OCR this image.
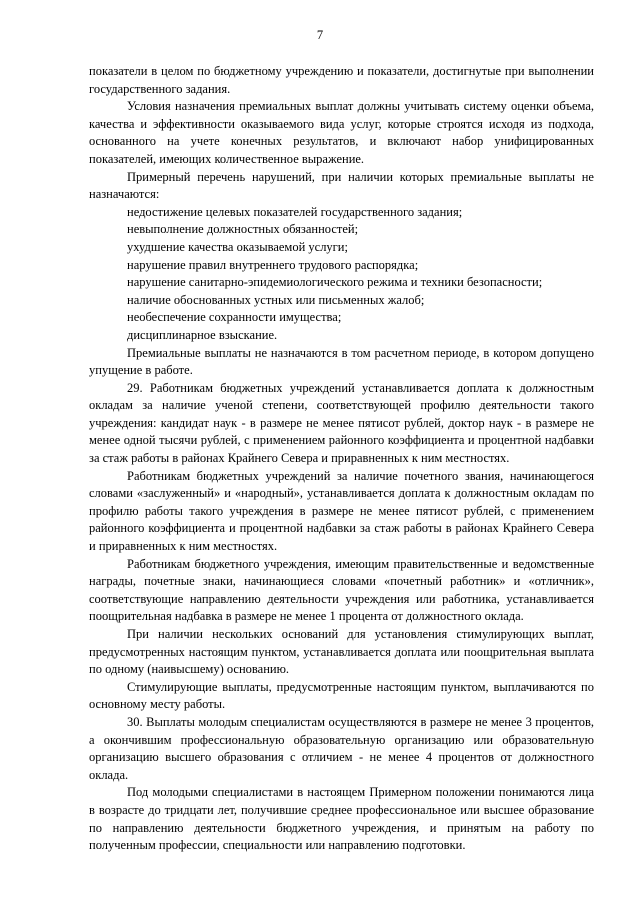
7

показатели в целом по бюджетному учреждению и показатели, достигнутые при выполнении государственного задания.

Условия назначения премиальных выплат должны учитывать систему оценки объема, качества и эффективности оказываемого вида услуг, которые строятся исходя из подхода, основанного на учете конечных результатов, и включают набор унифицированных показателей, имеющих количественное выражение.

Примерный перечень нарушений, при наличии которых премиальные выплаты не назначаются:

недостижение целевых показателей государственного задания;

невыполнение должностных обязанностей;

ухудшение качества оказываемой услуги;

нарушение правил внутреннего трудового распорядка;

нарушение санитарно-эпидемиологического режима и техники безопасности;

наличие обоснованных устных или письменных жалоб;

необеспечение сохранности имущества;

дисциплинарное взыскание.

Премиальные выплаты не назначаются в том расчетном периоде, в котором допущено упущение в работе.

29. Работникам бюджетных учреждений устанавливается доплата к должностным окладам за наличие ученой степени, соответствующей профилю деятельности такого учреждения: кандидат наук - в размере не менее пятисот рублей, доктор наук - в размере не менее одной тысячи рублей, с применением районного коэффициента и процентной надбавки за стаж работы в районах Крайнего Севера и приравненных к ним местностях.

Работникам бюджетных учреждений за наличие почетного звания, начинающегося словами «заслуженный» и «народный», устанавливается доплата к должностным окладам по профилю работы такого учреждения в размере не менее пятисот рублей, с применением районного коэффициента и процентной надбавки за стаж работы в районах Крайнего Севера и приравненных к ним местностях.

Работникам бюджетного учреждения, имеющим правительственные и ведомственные награды, почетные знаки, начинающиеся словами «почетный работник» и «отличник», соответствующие направлению деятельности учреждения или работника, устанавливается поощрительная надбавка в размере не менее 1 процента от должностного оклада.

При наличии нескольких оснований для установления стимулирующих выплат, предусмотренных настоящим пунктом, устанавливается доплата или поощрительная выплата по одному (наивысшему) основанию.

Стимулирующие выплаты, предусмотренные настоящим пунктом, выплачиваются по основному месту работы.

30. Выплаты молодым специалистам осуществляются в размере не менее 3 процентов, а окончившим профессиональную образовательную организацию или образовательную организацию высшего образования с отличием - не менее 4 процентов от должностного оклада.

Под молодыми специалистами в настоящем Примерном положении понимаются лица в возрасте до тридцати лет, получившие среднее профессиональное или высшее образование по направлению деятельности бюджетного учреждения, и принятым на работу по полученным профессии, специальности или направлению подготовки.
